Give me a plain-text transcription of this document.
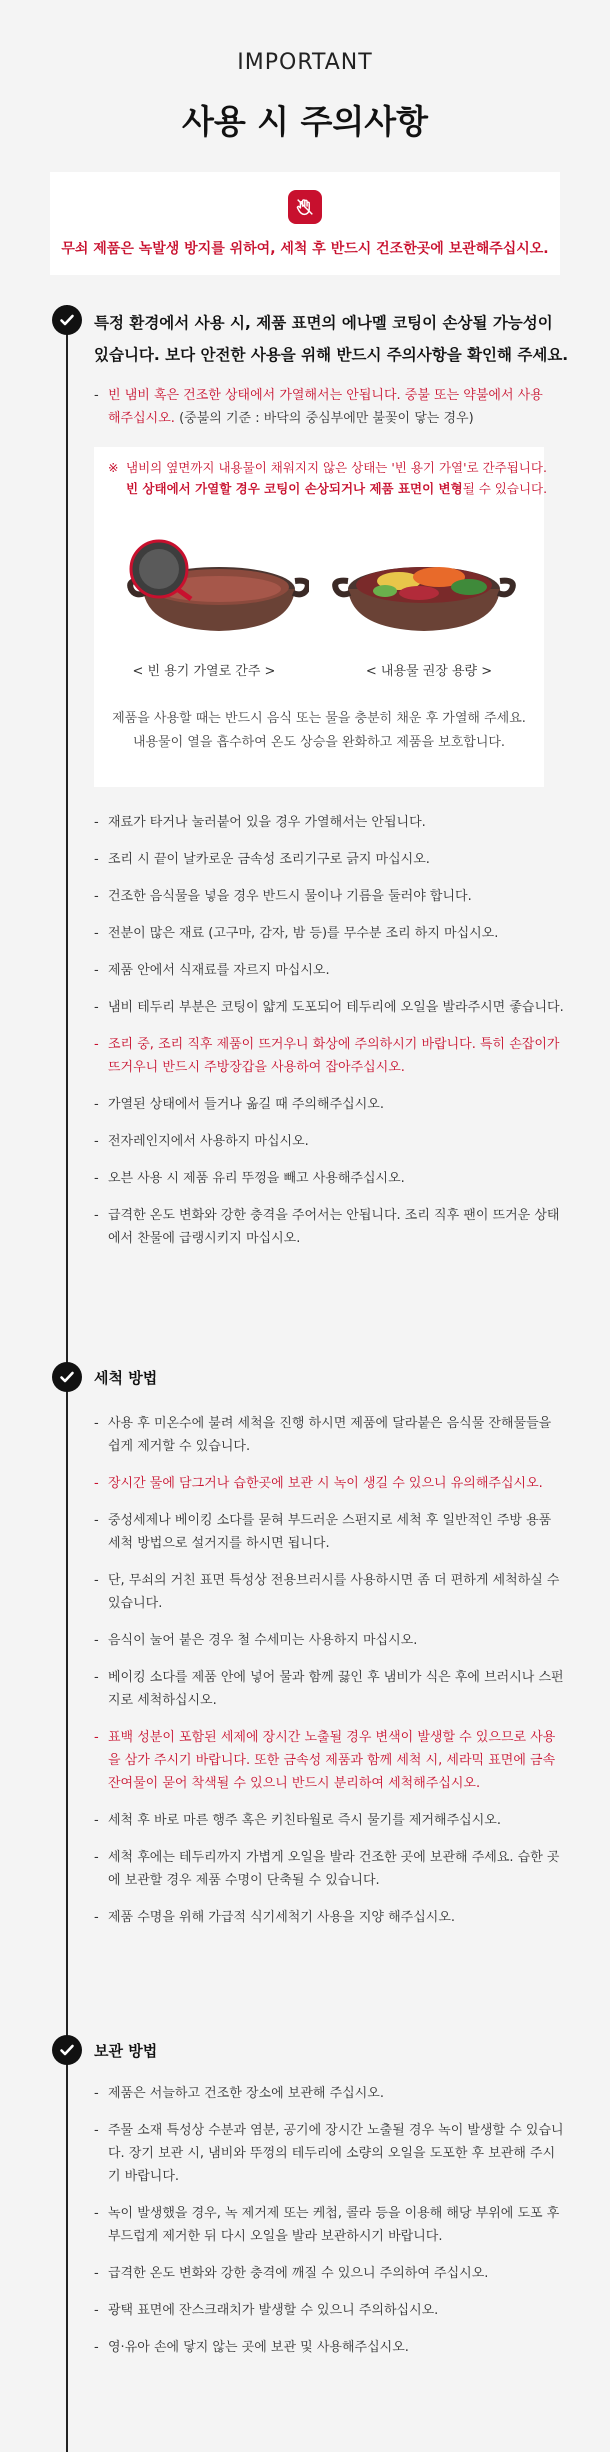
IMPORTANT
사용 시 주의사항
무쇠 제품은 녹발생 방지를 위하여, 세척 후 반드시 건조한곳에 보관해주십시오.
특정 환경에서 사용 시, 제품 표면의 에나멜 코팅이 손상될 가능성이
있습니다. 보다 안전한 사용을 위해 반드시 주의사항을 확인해 주세요.
- 빈 냄비 혹은 건조한 상태에서 가열해서는 안됩니다. 중불 또는 약불에서 사용해주십시오. (중불의 기준 : 바닥의 중심부에만 불꽃이 닿는 경우)
※ 냄비의 옆면까지 내용물이 채워지지 않은 상태는 '빈 용기 가열'로 간주됩니다. 빈 상태에서 가열할 경우 코팅이 손상되거나 제품 표면이 변형될 수 있습니다.
< 빈 용기 가열로 간주 >	< 내용물 권장 용량 >
제품을 사용할 때는 반드시 음식 또는 물을 충분히 채운 후 가열해 주세요.
내용물이 열을 흡수하여 온도 상승을 완화하고 제품을 보호합니다.
- 재료가 타거나 눌러붙어 있을 경우 가열해서는 안됩니다.
- 조리 시 끝이 날카로운 금속성 조리기구로 긁지 마십시오.
- 건조한 음식물을 넣을 경우 반드시 물이나 기름을 둘러야 합니다.
- 전분이 많은 재료 (고구마, 감자, 밤 등)를 무수분 조리 하지 마십시오.
- 제품 안에서 식재료를 자르지 마십시오.
- 냄비 테두리 부분은 코팅이 얇게 도포되어 테두리에 오일을 발라주시면 좋습니다.
- 조리 중, 조리 직후 제품이 뜨거우니 화상에 주의하시기 바랍니다. 특히 손잡이가 뜨거우니 반드시 주방장갑을 사용하여 잡아주십시오.
- 가열된 상태에서 들거나 옮길 때 주의해주십시오.
- 전자레인지에서 사용하지 마십시오.
- 오븐 사용 시 제품 유리 뚜껑을 빼고 사용해주십시오.
- 급격한 온도 변화와 강한 충격을 주어서는 안됩니다. 조리 직후 팬이 뜨거운 상태에서 찬물에 급랭시키지 마십시오.
세척 방법
- 사용 후 미온수에 불려 세척을 진행 하시면 제품에 달라붙은 음식물 잔해물들을 쉽게 제거할 수 있습니다.
- 장시간 물에 담그거나 습한곳에 보관 시 녹이 생길 수 있으니 유의해주십시오.
- 중성세제나 베이킹 소다를 묻혀 부드러운 스펀지로 세척 후 일반적인 주방 용품 세척 방법으로 설거지를 하시면 됩니다.
- 단, 무쇠의 거친 표면 특성상 전용브러시를 사용하시면 좀 더 편하게 세척하실 수 있습니다.
- 음식이 눌어 붙은 경우 철 수세미는 사용하지 마십시오.
- 베이킹 소다를 제품 안에 넣어 물과 함께 끓인 후 냄비가 식은 후에 브러시나 스펀지로 세척하십시오.
- 표백 성분이 포함된 세제에 장시간 노출될 경우 변색이 발생할 수 있으므로 사용을 삼가 주시기 바랍니다. 또한 금속성 제품과 함께 세척 시, 세라믹 표면에 금속 잔여물이 묻어 착색될 수 있으니 반드시 분리하여 세척해주십시오.
- 세척 후 바로 마른 행주 혹은 키친타월로 즉시 물기를 제거해주십시오.
- 세척 후에는 테두리까지 가볍게 오일을 발라 건조한 곳에 보관해 주세요. 습한 곳에 보관할 경우 제품 수명이 단축될 수 있습니다.
- 제품 수명을 위해 가급적 식기세척기 사용을 지양 해주십시오.
보관 방법
- 제품은 서늘하고 건조한 장소에 보관해 주십시오.
- 주물 소재 특성상 수분과 염분, 공기에 장시간 노출될 경우 녹이 발생할 수 있습니다. 장기 보관 시, 냄비와 뚜껑의 테두리에 소량의 오일을 도포한 후 보관해 주시기 바랍니다.
- 녹이 발생했을 경우, 녹 제거제 또는 케첩, 콜라 등을 이용해 해당 부위에 도포 후 부드럽게 제거한 뒤 다시 오일을 발라 보관하시기 바랍니다.
- 급격한 온도 변화와 강한 충격에 깨질 수 있으니 주의하여 주십시오.
- 광택 표면에 잔스크래치가 발생할 수 있으니 주의하십시오.
- 영·유아 손에 닿지 않는 곳에 보관 및 사용해주십시오.
